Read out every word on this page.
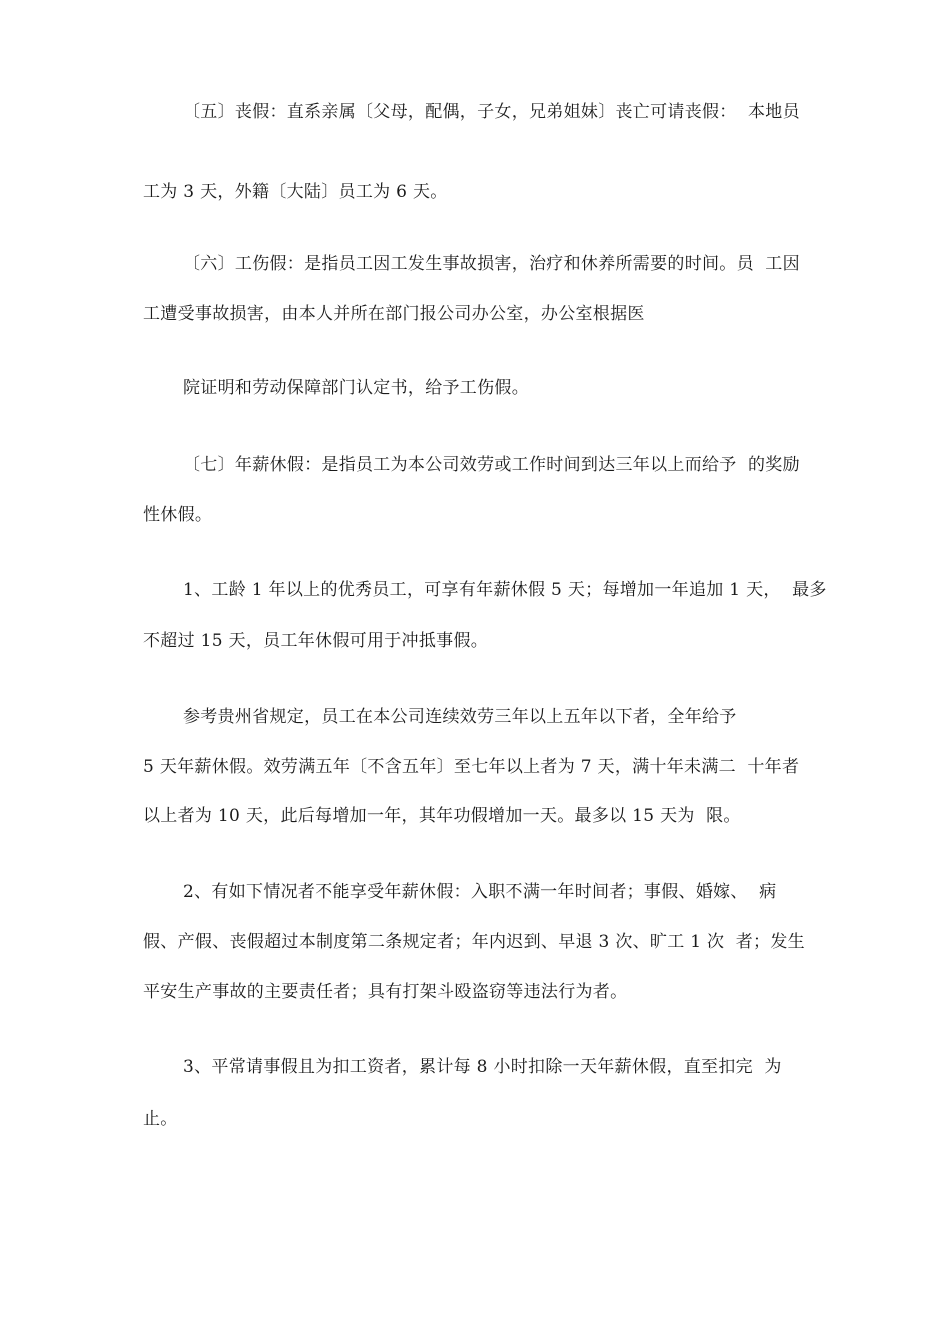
〔五〕丧假：直系亲属〔父母，配偶，子女，兄弟姐妹〕丧亡可请丧假：  本地员
工为 3 天，外籍〔大陆〕员工为 6 天。
〔六〕工伤假：是指员工因工发生事故损害，治疗和休养所需要的时间。员  工因
工遭受事故损害，由本人并所在部门报公司办公室，办公室根据医
院证明和劳动保障部门认定书，给予工伤假。
〔七〕年薪休假：是指员工为本公司效劳或工作时间到达三年以上而给予  的奖励
性休假。
1、工龄 1 年以上的优秀员工，可享有年薪休假 5 天；每增加一年追加 1 天，  最多
不超过 15 天，员工年休假可用于冲抵事假。
参考贵州省规定，员工在本公司连续效劳三年以上五年以下者，全年给予
5 天年薪休假。效劳满五年〔不含五年〕至七年以上者为 7 天，满十年未满二  十年者
以上者为 10 天，此后每增加一年，其年功假增加一天。最多以 15 天为  限。
2、有如下情况者不能享受年薪休假：入职不满一年时间者；事假、婚嫁、  病
假、产假、丧假超过本制度第二条规定者；年内迟到、早退 3 次、旷工 1 次  者；发生
平安生产事故的主要责任者；具有打架斗殴盗窃等违法行为者。
3、平常请事假且为扣工资者，累计每 8 小时扣除一天年薪休假，直至扣完  为
止。
